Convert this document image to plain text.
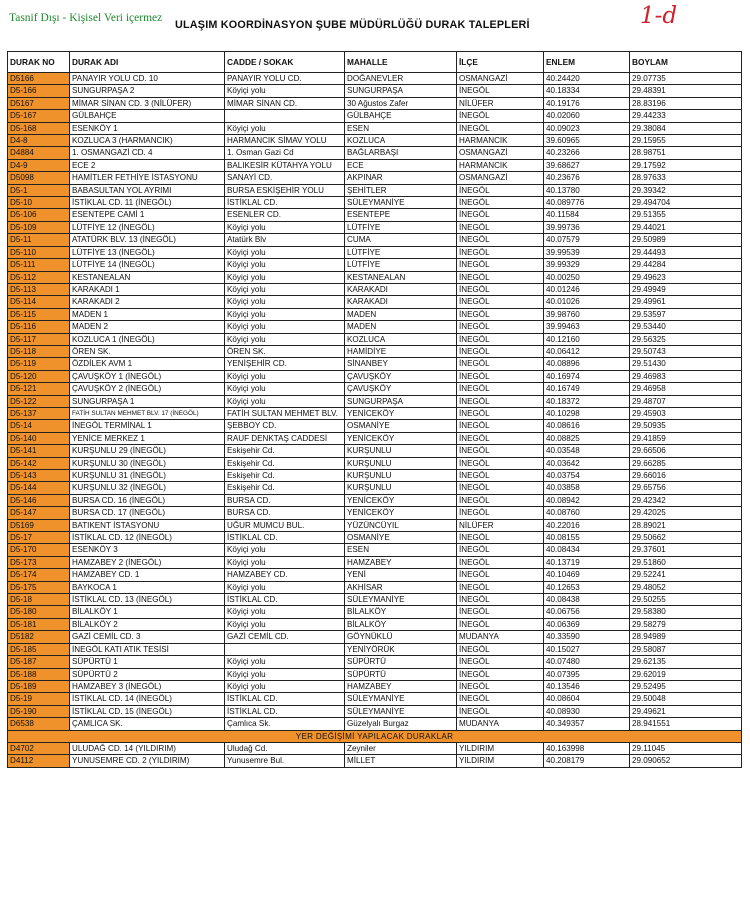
Tasnif Dışı - Kişisel Veri içermez
ULAŞIM KOORDİNASYON ŞUBE MÜDÜRLÜĞÜ DURAK TALEPLERİ	1-d
DURAK NO	DURAK ADI	CADDE / SOKAK	MAHALLE	İLÇE	ENLEM	BOYLAM
D5166	PANAYIR YOLU CD. 10	PANAYIR YOLU CD.	DOĞANEVLER	OSMANGAZİ	40.24420	29.07735
D5-166	SUNGURPAŞA 2	Köyiçi yolu	SUNGURPAŞA	İNEGÖL	40.18334	29.48391
D5167	MİMAR SİNAN CD. 3 (NİLÜFER)	MİMAR SİNAN CD.	30 Ağustos Zafer	NİLÜFER	40.19176	28.83196
D5-167	GÜLBAHÇE		GÜLBAHÇE	İNEGÖL	40.02060	29.44233
D5-168	ESENKÖY 1	Köyiçi yolu	ESEN	İNEGÖL	40.09023	29.38084
D4-8	KOZLUCA 3 (HARMANCIK)	HARMANCIK SİMAV YOLU	KOZLUCA	HARMANCIK	39.60965	29.15955
D4884	1. OSMANGAZİ CD. 4	1. Osman Gazi Cd	BAĞLARBAŞI	OSMANGAZİ	40.23266	28.98751
D4-9	ECE 2	BALIKESİR KÜTAHYA YOLU	ECE	HARMANCIK	39.68627	29.17592
D5098	HAMİTLER FETHİYE İSTASYONU	SANAYİ CD.	AKPINAR	OSMANGAZİ	40.23676	28.97633
D5-1	BABASULTAN YOL AYRIMI	BURSA ESKİŞEHİR YOLU	ŞEHİTLER	İNEGÖL	40.13780	29.39342
D5-10	İSTİKLAL CD. 11 (İNEGÖL)	İSTİKLAL CD.	SÜLEYMANİYE	İNEGÖL	40.089776	29.494704
D5-106	ESENTEPE CAMİ 1	ESENLER CD.	ESENTEPE	İNEGÖL	40.11584	29.51355
D5-109	LÜTFİYE 12 (İNEGÖL)	Köyiçi yolu	LÜTFİYE	İNEGÖL	39.99736	29.44021
D5-11	ATATÜRK BLV. 13 (İNEGÖL)	Atatürk Blv	CUMA	İNEGÖL	40.07579	29.50989
D5-110	LÜTFİYE 13 (İNEGÖL)	Köyiçi yolu	LÜTFİYE	İNEGÖL	39.99539	29.44493
D5-111	LÜTFİYE 14 (İNEGÖL)	Köyiçi yolu	LÜTFİYE	İNEGÖL	39.99329	29.44284
D5-112	KESTANEALAN	Köyiçi yolu	KESTANEALAN	İNEGÖL	40.00250	29.49623
D5-113	KARAKADI 1	Köyiçi yolu	KARAKADI	İNEGÖL	40.01246	29.49949
D5-114	KARAKADI 2	Köyiçi yolu	KARAKADI	İNEGÖL	40.01026	29.49961
D5-115	MADEN 1	Köyiçi yolu	MADEN	İNEGÖL	39.98760	29.53597
D5-116	MADEN 2	Köyiçi yolu	MADEN	İNEGÖL	39.99463	29.53440
D5-117	KOZLUCA 1 (İNEGÖL)	Köyiçi yolu	KOZLUCA	İNEGÖL	40.12160	29.56325
D5-118	ÖREN SK.	ÖREN SK.	HAMİDİYE	İNEGÖL	40.06412	29.50743
D5-119	ÖZDİLEK AVM 1	YENİŞEHİR CD.	SİNANBEY	İNEGÖL	40.08896	29.51430
D5-120	ÇAVUŞKÖY 1 (İNEGÖL)	Köyiçi yolu	ÇAVUŞKÖY	İNEGÖL	40.16974	29.46983
D5-121	ÇAVUŞKÖY 2 (İNEGÖL)	Köyiçi yolu	ÇAVUŞKÖY	İNEGÖL	40.16749	29.46958
D5-122	SUNGURPAŞA 1	Köyiçi yolu	SUNGURPAŞA	İNEGÖL	40.18372	29.48707
D5-137	FATİH SULTAN MEHMET BLV. 17 (İNEGÖL)	FATİH SULTAN MEHMET BLV.	YENİCEKÖY	İNEGÖL	40.10298	29.45903
D5-14	İNEGÖL TERMİNAL 1	ŞEBBOY CD.	OSMANİYE	İNEGÖL	40.08616	29.50935
D5-140	YENİCE MERKEZ 1	RAUF DENKTAŞ CADDESİ	YENİCEKÖY	İNEGÖL	40.08825	29.41859
D5-141	KURŞUNLU 29 (İNEGÖL)	Eskişehir Cd.	KURŞUNLU	İNEGÖL	40.03548	29.66506
D5-142	KURŞUNLU 30 (İNEGÖL)	Eskişehir Cd.	KURŞUNLU	İNEGÖL	40.03642	29.66285
D5-143	KURŞUNLU 31 (İNEGÖL)	Eskişehir Cd.	KURŞUNLU	İNEGÖL	40.03754	29.66016
D5-144	KURŞUNLU 32 (İNEGÖL)	Eskişehir Cd.	KURŞUNLU	İNEGÖL	40.03858	29.65756
D5-146	BURSA CD. 16 (İNEGÖL)	BURSA CD.	YENİCEKÖY	İNEGÖL	40.08942	29.42342
D5-147	BURSA CD. 17 (İNEGÖL)	BURSA CD.	YENİCEKÖY	İNEGÖL	40.08760	29.42025
D5169	BATIKENT İSTASYONU	UĞUR MUMCU BUL.	YÜZÜNCÜYIL	NİLÜFER	40.22016	28.89021
D5-17	İSTİKLAL CD. 12 (İNEGÖL)	İSTİKLAL CD.	OSMANİYE	İNEGÖL	40.08155	29.50662
D5-170	ESENKÖY 3	Köyiçi yolu	ESEN	İNEGÖL	40.08434	29.37601
D5-173	HAMZABEY 2 (İNEGÖL)	Köyiçi yolu	HAMZABEY	İNEGÖL	40.13719	29.51860
D5-174	HAMZABEY CD. 1	HAMZABEY CD.	YENİ	İNEGÖL	40.10469	29.52241
D5-175	BAYKOCA 1	Köyiçi yolu	AKHİSAR	İNEGÖL	40.12653	29.48052
D5-18	İSTİKLAL CD. 13 (İNEGÖL)	İSTİKLAL CD.	SÜLEYMANİYE	İNEGÖL	40.08438	29.50255
D5-180	BİLALKÖY 1	Köyiçi yolu	BİLALKÖY	İNEGÖL	40.06756	29.58380
D5-181	BİLALKÖY 2	Köyiçi yolu	BİLALKÖY	İNEGÖL	40.06369	29.58279
D5182	GAZİ CEMİL CD. 3	GAZİ CEMİL CD.	GÖYNÜKLÜ	MUDANYA	40.33590	28.94989
D5-185	İNEGÖL KATI ATIK TESİSİ		YENİYÖRÜK	İNEGÖL	40.15027	29.58087
D5-187	SÜPÜRTÜ 1	Köyiçi yolu	SÜPÜRTÜ	İNEGÖL	40.07480	29.62135
D5-188	SÜPÜRTÜ 2	Köyiçi yolu	SÜPÜRTÜ	İNEGÖL	40.07395	29.62019
D5-189	HAMZABEY 3 (İNEGÖL)	Köyiçi yolu	HAMZABEY	İNEGÖL	40.13546	29.52495
D5-19	İSTİKLAL CD. 14 (İNEGÖL)	İSTİKLAL CD.	SÜLEYMANİYE	İNEGÖL	40.08604	29.50048
D5-190	İSTİKLAL CD. 15 (İNEGÖL)	İSTİKLAL CD.	SÜLEYMANİYE	İNEGÖL	40.08930	29.49621
D6538	ÇAMLICA SK.	Çamlıca Sk.	Güzelyalı Burgaz	MUDANYA	40.349357	28.941551
YER DEĞİŞİMİ YAPILACAK DURAKLAR						
D4702	ULUDAĞ CD. 14 (YILDIRIM)	Uludağ Cd.	Zeyniler	YILDIRIM	40.163998	29.11045
D4112	YUNUSEMRE CD. 2 (YILDIRIM)	Yunusemre Bul.	MİLLET	YILDIRIM	40.208179	29.090652
